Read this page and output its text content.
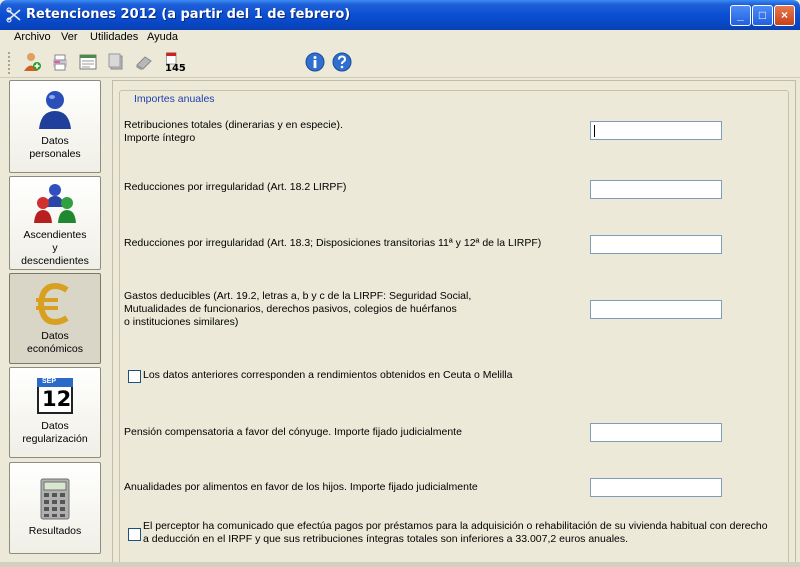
Retenciones 2012 (a partir del 1 de febrero)	_	□	×
Archivo Ver Utilidades Ayuda
145
Datos
personales
Ascendientes
y
descendientes
Datos
económicos
SEP
12
Datos
regularización
Resultados
Importes anuales
Retribuciones totales (dinerarias y en especie).
Importe íntegro
Reducciones por irregularidad (Art. 18.2 LIRPF)
Reducciones por irregularidad (Art. 18.3; Disposiciones transitorias 11ª y 12ª de la LIRPF)
Gastos deducibles (Art. 19.2, letras a, b y c de la LIRPF: Seguridad Social,
Mutualidades de funcionarios, derechos pasivos, colegios de huérfanos
o instituciones similares)
Los datos anteriores corresponden a rendimientos obtenidos en Ceuta o Melilla
Pensión compensatoria a favor del cónyuge. Importe fijado judicialmente
Anualidades por alimentos en favor de los hijos. Importe fijado judicialmente
El perceptor ha comunicado que efectúa pagos por préstamos para la adquisición o rehabilitación de su vivienda habitual con derecho
a deducción en el IRPF y que sus retribuciones íntegras totales son inferiores a 33.007,2 euros anuales.
